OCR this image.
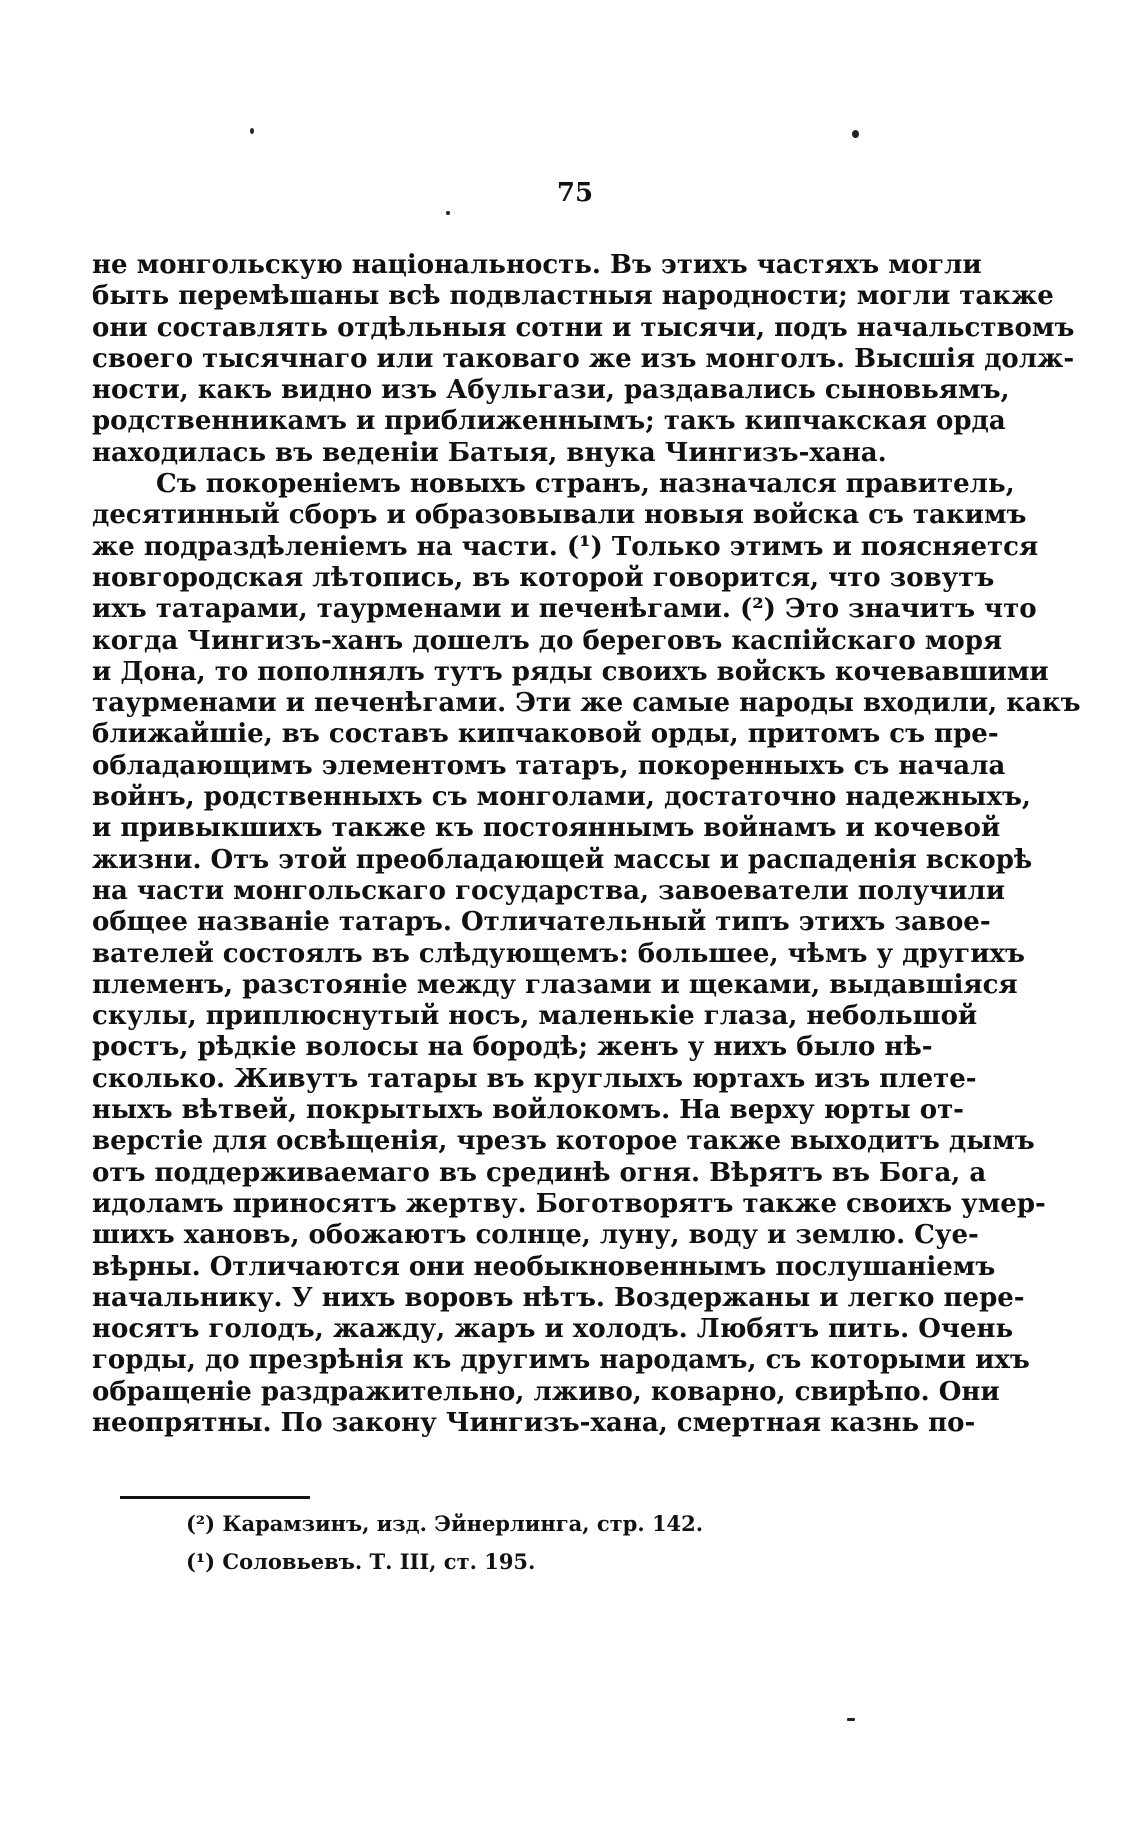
75
не монгольскую національность. Въ этихъ частяхъ могли
быть перемѣшаны всѣ подвластныя народности; могли также
они составлять отдѣльныя сотни и тысячи, подъ начальствомъ
своего тысячнаго или таковаго же изъ монголъ. Высшія долж-
ности, какъ видно изъ Абульгази, раздавались сыновьямъ,
родственникамъ и приближеннымъ; такъ кипчакская орда
находилась въ веденіи Батыя, внука Чингизъ-хана.
Съ покореніемъ новыхъ странъ, назначался правитель,
десятинный сборъ и образовывали новыя войска съ такимъ
же подраздѣленіемъ на части. (¹) Только этимъ и поясняется
новгородская лѣтопись, въ которой говорится, что зовутъ
ихъ татарами, таурменами и печенѣгами. (²) Это значитъ что
когда Чингизъ-ханъ дошелъ до береговъ каспійскаго моря
и Дона, то пополнялъ тутъ ряды своихъ войскъ кочевавшими
таурменами и печенѣгами. Эти же самые народы входили, какъ
ближайшіе, въ составъ кипчаковой орды, притомъ съ пре-
обладающимъ элементомъ татаръ, покоренныхъ съ начала
войнъ, родственныхъ съ монголами, достаточно надежныхъ,
и привыкшихъ также къ постояннымъ войнамъ и кочевой
жизни. Отъ этой преобладающей массы и распаденія вскорѣ
на части монгольскаго государства, завоеватели получили
общее названіе татаръ. Отличательный типъ этихъ завое-
вателей состоялъ въ слѣдующемъ: большее, чѣмъ у другихъ
племенъ, разстояніе между глазами и щеками, выдавшіяся
скулы, приплюснутый носъ, маленькіе глаза, небольшой
ростъ, рѣдкіе волосы на бородѣ; женъ у нихъ было нѣ-
сколько. Живутъ татары въ круглыхъ юртахъ изъ плете-
ныхъ вѣтвей, покрытыхъ войлокомъ. На верху юрты от-
верстіе для освѣщенія, чрезъ которое также выходитъ дымъ
отъ поддерживаемаго въ срединѣ огня. Вѣрятъ въ Бога, а
идоламъ приносятъ жертву. Боготворятъ также своихъ умер-
шихъ хановъ, обожаютъ солнце, луну, воду и землю. Суе-
вѣрны. Отличаются они необыкновеннымъ послушаніемъ
начальнику. У нихъ воровъ нѣтъ. Воздержаны и легко пере-
носятъ голодъ, жажду, жаръ и холодъ. Любятъ пить. Очень
горды, до презрѣнія къ другимъ народамъ, съ которыми ихъ
обращеніе раздражительно, лживо, коварно, свирѣпо. Они
неопрятны. По закону Чингизъ-хана, смертная казнь по-
(²) Карамзинъ, изд. Эйнерлинга, стр. 142.
(¹) Соловьевъ. Т. III, ст. 195.
